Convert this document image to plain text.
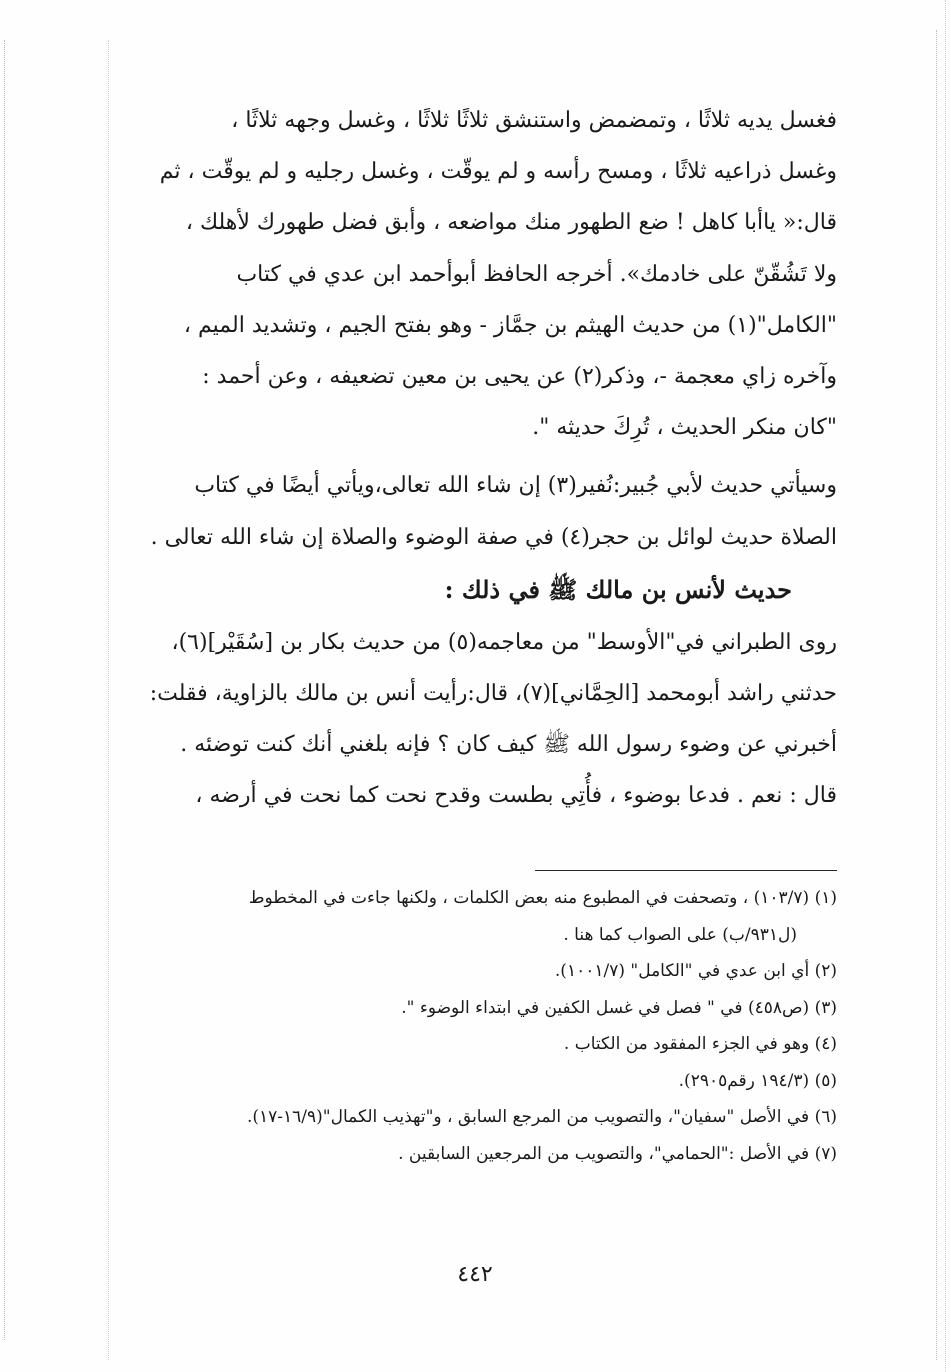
فغسل يديه ثلاثًا ، وتمضمض واستنشق ثلاثًا ثلاثًا ، وغسل وجهه ثلاثًا ،
وغسل ذراعيه ثلاثًا ، ومسح رأسه و لم يوقّت ، وغسل رجليه و لم يوقّت ، ثم
قال:« ياأبا كاهل ! ضع الطهور منك مواضعه ، وأبق فضل طهورك لأهلك ،
ولا تَشُقّنّ على خادمك». أخرجه الحافظ أبوأحمد ابن عدي في كتاب
"الكامل"(١) من حديث الهيثم بن جمَّاز - وهو بفتح الجيم ، وتشديد الميم ،
وآخره زاي معجمة -، وذكر(٢) عن يحيى بن معين تضعيفه ، وعن أحمد :
"كان منكر الحديث ، تُرِكَ حديثه ".
وسيأتي حديث لأبي جُبير:نُفير(٣) إن شاء الله تعالى،ويأتي أيضًا في كتاب
الصلاة حديث لوائل بن حجر(٤) في صفة الوضوء والصلاة إن شاء الله تعالى .
حديث لأنس بن مالك ﷺ في ذلك :
روى الطبراني في"الأوسط" من معاجمه(٥) من حديث بكار بن [سُقَيْر](٦)،
حدثني راشد أبومحمد [الحِمَّاني](٧)، قال:رأيت أنس بن مالك بالزاوية، فقلت:
أخبرني عن وضوء رسول الله ﷺ كيف كان ؟ فإنه بلغني أنك كنت توضئه .
قال : نعم . فدعا بوضوء ، فأُتِي بطست وقدح نحت كما نحت في أرضه ،
(١) (١٠٣/٧) ، وتصحفت في المطبوع منه بعض الكلمات ، ولكنها جاءت في المخطوط
(ل٩٣١/ب) على الصواب كما هنا .
(٢) أي ابن عدي في "الكامل" (١٠٠١/٧).
(٣) (ص٤٥٨) في " فصل في غسل الكفين في ابتداء الوضوء ".
(٤) وهو في الجزء المفقود من الكتاب .
(٥) (١٩٤/٣ رقم٢٩٠٥).
(٦) في الأصل "سفيان"، والتصويب من المرجع السابق ، و"تهذيب الكمال"(١٦/٩-١٧).
(٧) في الأصل :"الحمامي"، والتصويب من المرجعين السابقين .
٤٤٢
